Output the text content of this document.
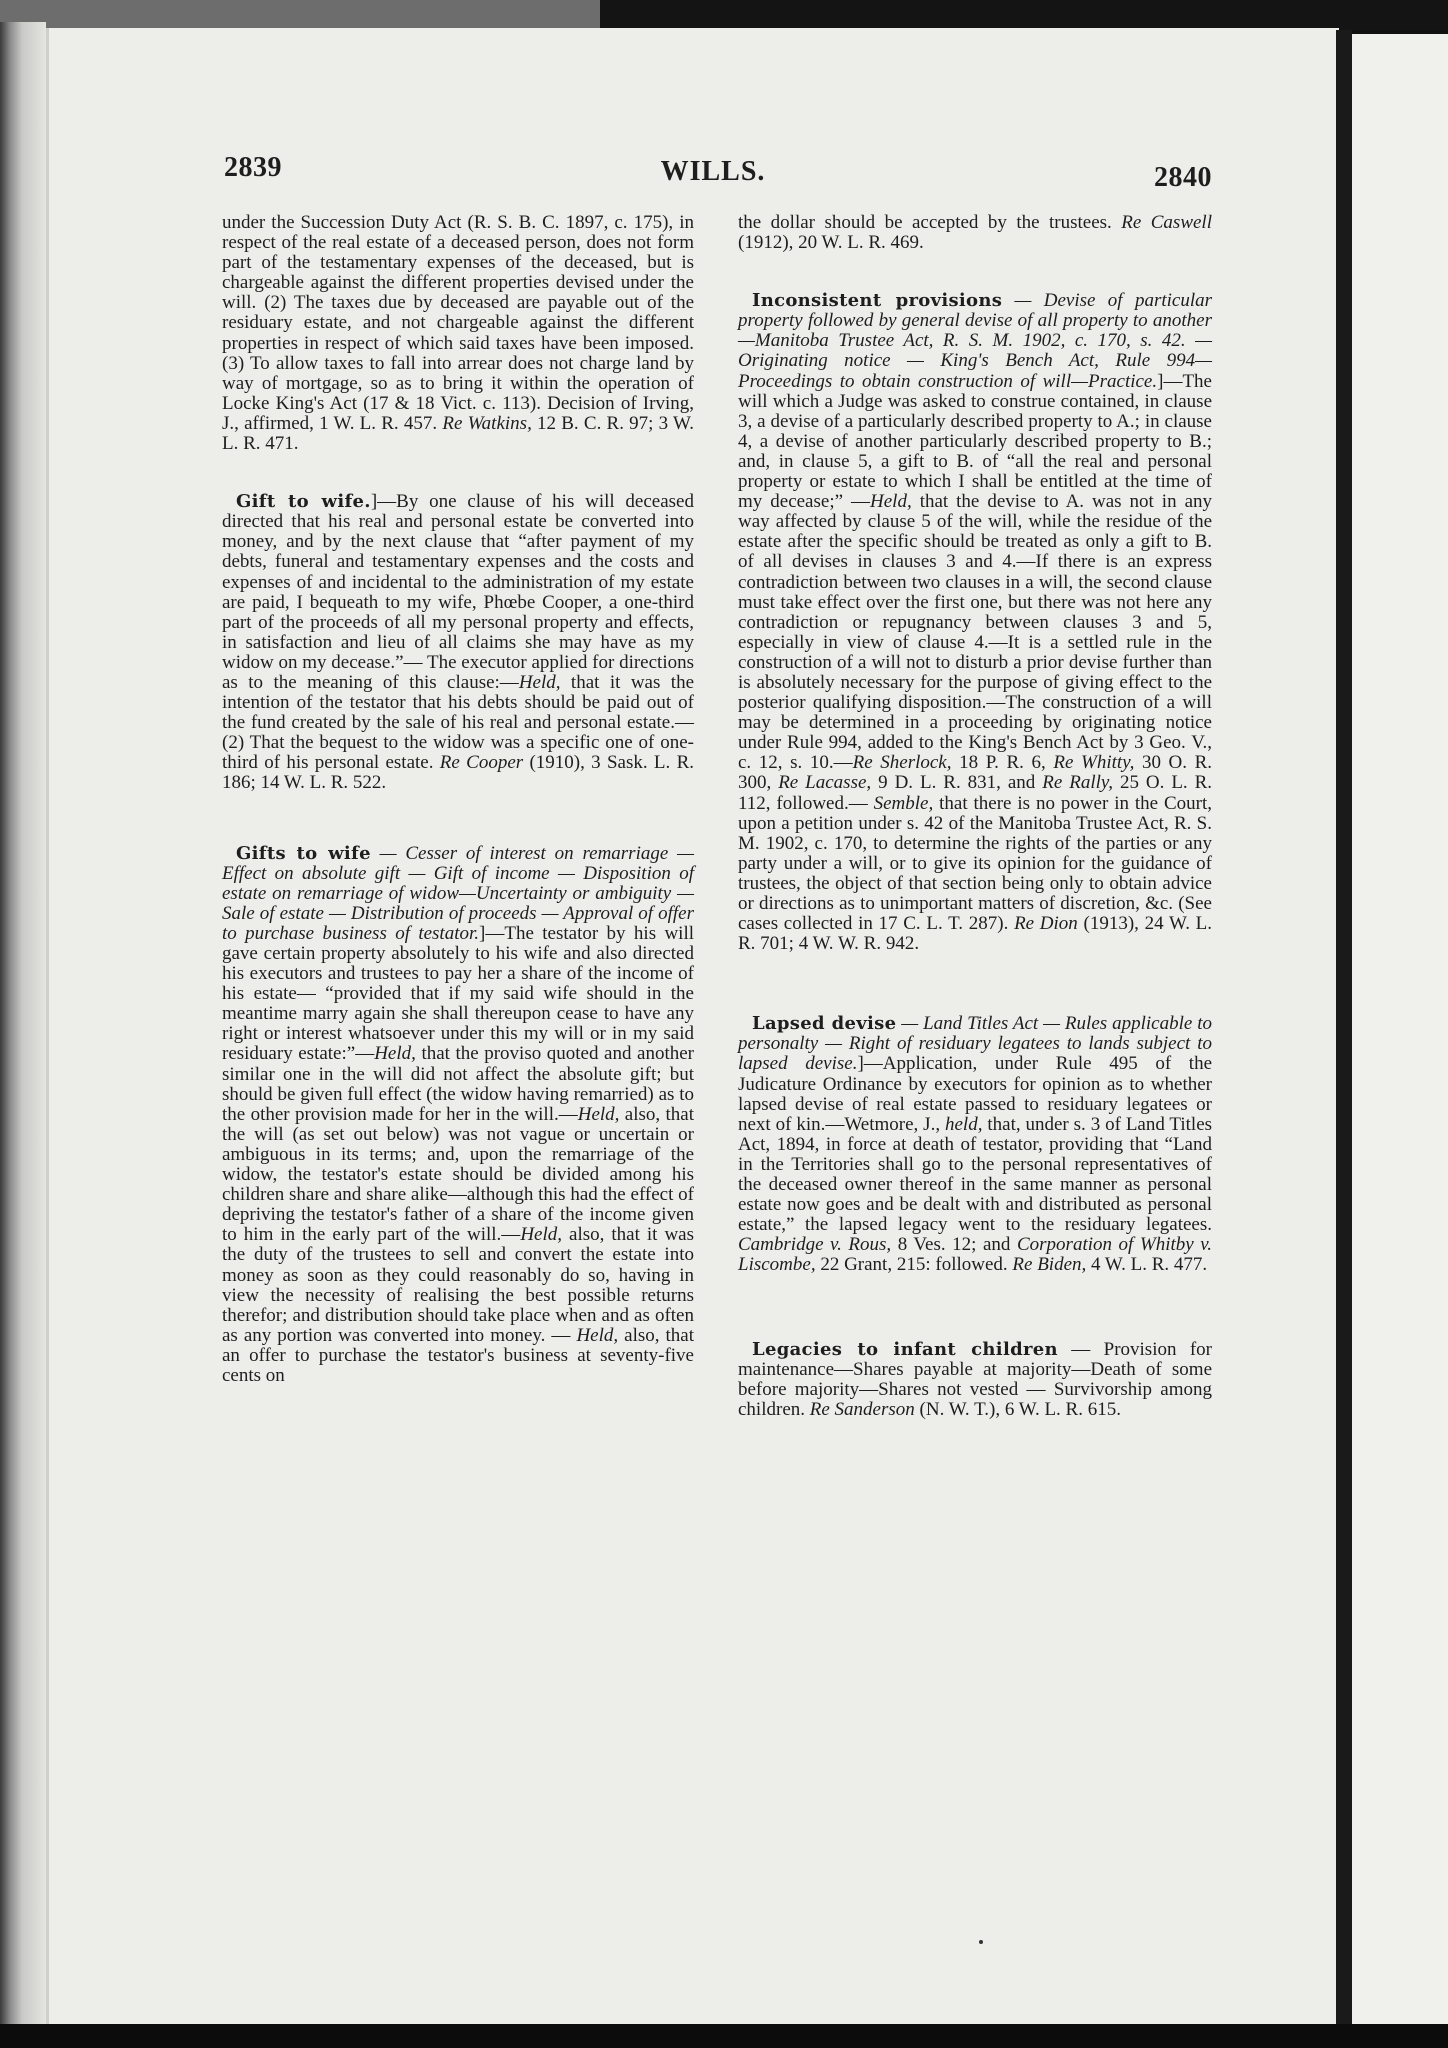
2839	WILLS.	2840

under the Succession Duty Act (R. S. B. C. 1897, c. 175), in respect of the real estate of a deceased person, does not form part of the testamentary expenses of the deceased, but is chargeable against the different properties devised under the will. (2) The taxes due by deceased are payable out of the residuary estate, and not chargeable against the different properties in respect of which said taxes have been imposed. (3) To allow taxes to fall into arrear does not charge land by way of mortgage, so as to bring it within the operation of Locke King's Act (17 & 18 Vict. c. 113). Decision of Irving, J., affirmed, 1 W. L. R. 457. Re Watkins, 12 B. C. R. 97; 3 W. L. R. 471.

Gift to wife.]—By one clause of his will deceased directed that his real and personal estate be converted into money, and by the next clause that “after payment of my debts, funeral and testamentary expenses and the costs and expenses of and incidental to the administration of my estate are paid, I bequeath to my wife, Phœbe Cooper, a one-third part of the proceeds of all my personal property and effects, in satisfaction and lieu of all claims she may have as my widow on my decease.”— The executor applied for directions as to the meaning of this clause:—Held, that it was the intention of the testator that his debts should be paid out of the fund created by the sale of his real and personal estate.— (2) That the bequest to the widow was a specific one of one-third of his personal estate. Re Cooper (1910), 3 Sask. L. R. 186; 14 W. L. R. 522.

Gifts to wife — Cesser of interest on remarriage — Effect on absolute gift — Gift of income — Disposition of estate on remarriage of widow—Uncertainty or ambiguity —Sale of estate — Distribution of proceeds — Approval of offer to purchase business of testator.]—The testator by his will gave certain property absolutely to his wife and also directed his executors and trustees to pay her a share of the income of his estate— “provided that if my said wife should in the meantime marry again she shall thereupon cease to have any right or interest whatsoever under this my will or in my said residuary estate:”—Held, that the proviso quoted and another similar one in the will did not affect the absolute gift; but should be given full effect (the widow having remarried) as to the other provision made for her in the will.—Held, also, that the will (as set out below) was not vague or uncertain or ambiguous in its terms; and, upon the remarriage of the widow, the testator's estate should be divided among his children share and share alike—although this had the effect of depriving the testator's father of a share of the income given to him in the early part of the will.—Held, also, that it was the duty of the trustees to sell and convert the estate into money as soon as they could reasonably do so, having in view the necessity of realising the best possible returns therefor; and distribution should take place when and as often as any portion was converted into money. — Held, also, that an offer to purchase the testator's business at seventy-five cents on

the dollar should be accepted by the trustees. Re Caswell (1912), 20 W. L. R. 469.

Inconsistent provisions — Devise of particular property followed by general devise of all property to another—Manitoba Trustee Act, R. S. M. 1902, c. 170, s. 42. —Originating notice — King's Bench Act, Rule 994—Proceedings to obtain construction of will—Practice.]—The will which a Judge was asked to construe contained, in clause 3, a devise of a particularly described property to A.; in clause 4, a devise of another particularly described property to B.; and, in clause 5, a gift to B. of “all the real and personal property or estate to which I shall be entitled at the time of my decease;” —Held, that the devise to A. was not in any way affected by clause 5 of the will, while the residue of the estate after the specific should be treated as only a gift to B. of all devises in clauses 3 and 4.—If there is an express contradiction between two clauses in a will, the second clause must take effect over the first one, but there was not here any contradiction or repugnancy between clauses 3 and 5, especially in view of clause 4.—It is a settled rule in the construction of a will not to disturb a prior devise further than is absolutely necessary for the purpose of giving effect to the posterior qualifying disposition.—The construction of a will may be determined in a proceeding by originating notice under Rule 994, added to the King's Bench Act by 3 Geo. V., c. 12, s. 10.—Re Sherlock, 18 P. R. 6, Re Whitty, 30 O. R. 300, Re Lacasse, 9 D. L. R. 831, and Re Rally, 25 O. L. R. 112, followed.— Semble, that there is no power in the Court, upon a petition under s. 42 of the Manitoba Trustee Act, R. S. M. 1902, c. 170, to determine the rights of the parties or any party under a will, or to give its opinion for the guidance of trustees, the object of that section being only to obtain advice or directions as to unimportant matters of discretion, &c. (See cases collected in 17 C. L. T. 287). Re Dion (1913), 24 W. L. R. 701; 4 W. W. R. 942.

Lapsed devise — Land Titles Act — Rules applicable to personalty — Right of residuary legatees to lands subject to lapsed devise.]—Application, under Rule 495 of the Judicature Ordinance by executors for opinion as to whether lapsed devise of real estate passed to residuary legatees or next of kin.—Wetmore, J., held, that, under s. 3 of Land Titles Act, 1894, in force at death of testator, providing that “Land in the Territories shall go to the personal representatives of the deceased owner thereof in the same manner as personal estate now goes and be dealt with and distributed as personal estate,” the lapsed legacy went to the residuary legatees. Cambridge v. Rous, 8 Ves. 12; and Corporation of Whitby v. Liscombe, 22 Grant, 215: followed. Re Biden, 4 W. L. R. 477.

Legacies to infant children — Provision for maintenance—Shares payable at majority—Death of some before majority—Shares not vested — Survivorship among children. Re Sanderson (N. W. T.), 6 W. L. R. 615.
